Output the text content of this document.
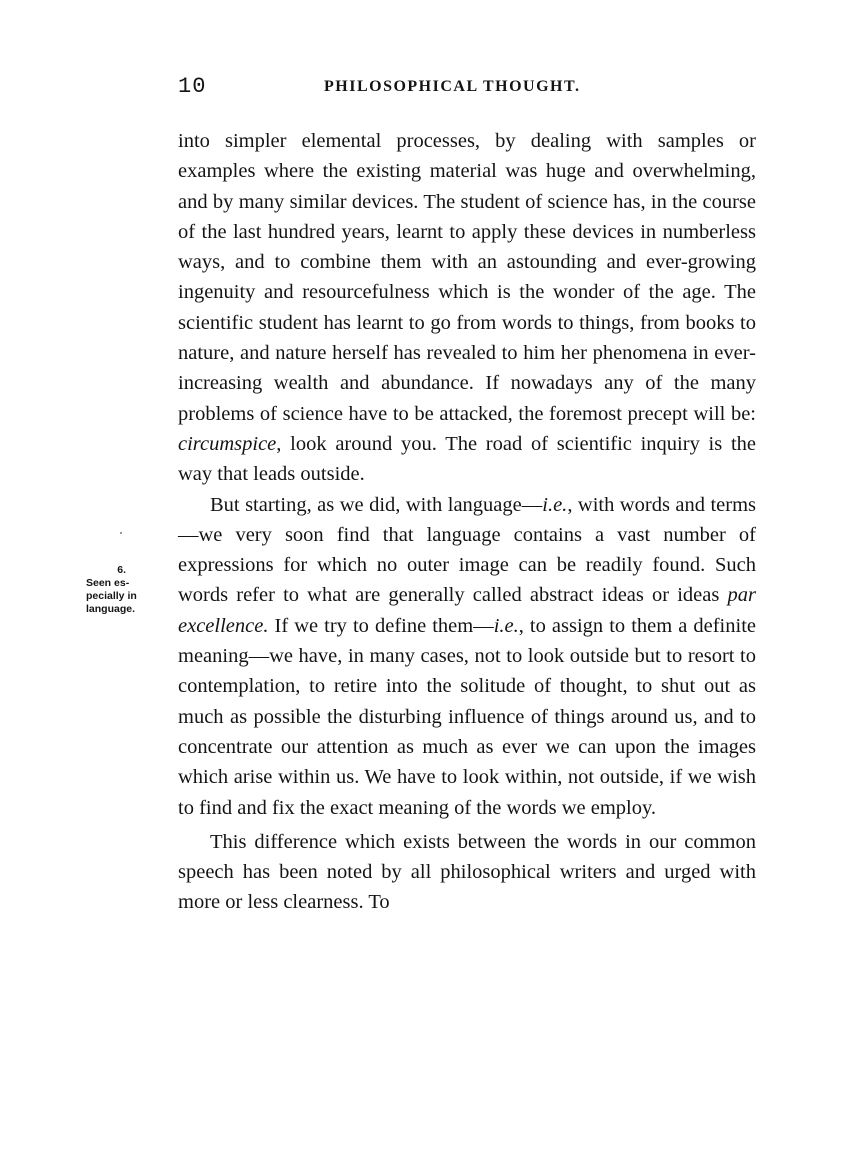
10	PHILOSOPHICAL THOUGHT.
6.
Seen es-
pecially in
language.

into simpler elemental processes, by dealing with samples or examples where the existing material was huge and overwhelming, and by many similar devices. The student of science has, in the course of the last hundred years, learnt to apply these devices in numberless ways, and to combine them with an astounding and ever-growing ingenuity and resourcefulness which is the wonder of the age. The scientific student has learnt to go from words to things, from books to nature, and nature herself has revealed to him her phenomena in ever-increasing wealth and abundance. If nowadays any of the many problems of science have to be attacked, the foremost precept will be: circumspice, look around you. The road of scientific inquiry is the way that leads outside.

But starting, as we did, with language—i.e., with words and terms—we very soon find that language contains a vast number of expressions for which no outer image can be readily found. Such words refer to what are generally called abstract ideas or ideas par excellence. If we try to define them—i.e., to assign to them a definite meaning—we have, in many cases, not to look outside but to resort to contemplation, to retire into the solitude of thought, to shut out as much as possible the disturbing influence of things around us, and to concentrate our attention as much as ever we can upon the images which arise within us. We have to look within, not outside, if we wish to find and fix the exact meaning of the words we employ.

This difference which exists between the words in our common speech has been noted by all philosophical writers and urged with more or less clearness. To
